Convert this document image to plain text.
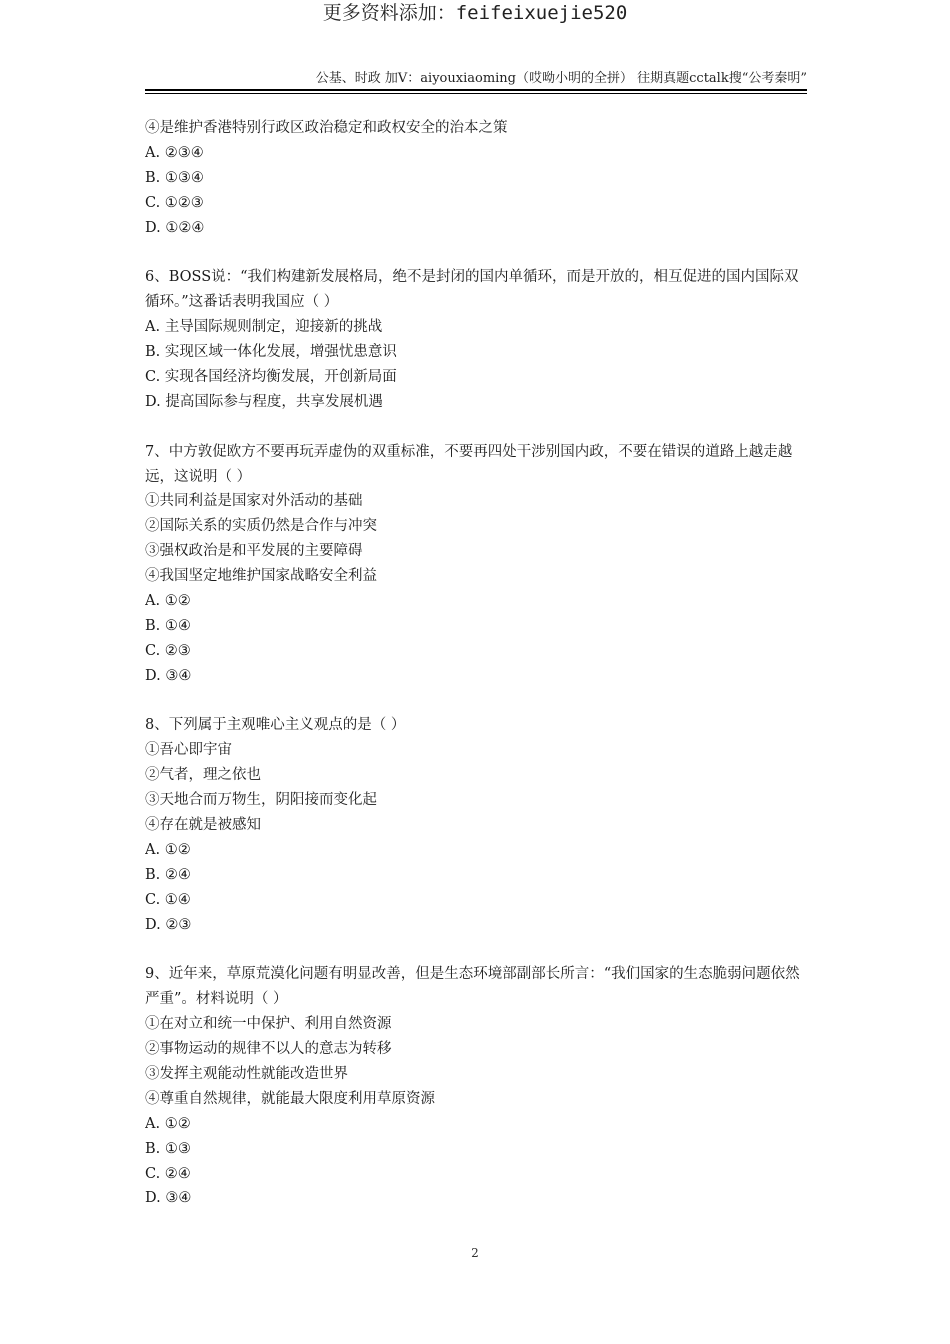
更多资料添加：feifeixuejie520
公基、时政 加V：aiyouxiaoming（哎呦小明的全拼） 往期真题cctalk搜“公考秦明”
④是维护香港特别行政区政治稳定和政权安全的治本之策
A. ②③④
B. ①③④
C. ①②③
D. ①②④
6、BOSS说：“我们构建新发展格局，绝不是封闭的国内单循环，而是开放的，相互促进的国内国际双循环。”这番话表明我国应（ ）
A. 主导国际规则制定，迎接新的挑战
B. 实现区域一体化发展，增强忧患意识
C. 实现各国经济均衡发展，开创新局面
D. 提高国际参与程度，共享发展机遇
7、中方敦促欧方不要再玩弄虚伪的双重标准，不要再四处干涉别国内政，不要在错误的道路上越走越远，这说明（ ）
①共同利益是国家对外活动的基础
②国际关系的实质仍然是合作与冲突
③强权政治是和平发展的主要障碍
④我国坚定地维护国家战略安全利益
A. ①②
B. ①④
C. ②③
D. ③④
8、下列属于主观唯心主义观点的是（ ）
①吾心即宇宙
②气者，理之依也
③天地合而万物生，阴阳接而变化起
④存在就是被感知
A. ①②
B. ②④
C. ①④
D. ②③
9、近年来，草原荒漠化问题有明显改善，但是生态环境部副部长所言：“我们国家的生态脆弱问题依然严重”。材料说明（ ）
①在对立和统一中保护、利用自然资源
②事物运动的规律不以人的意志为转移
③发挥主观能动性就能改造世界
④尊重自然规律，就能最大限度利用草原资源
A. ①②
B. ①③
C. ②④
D. ③④
2
